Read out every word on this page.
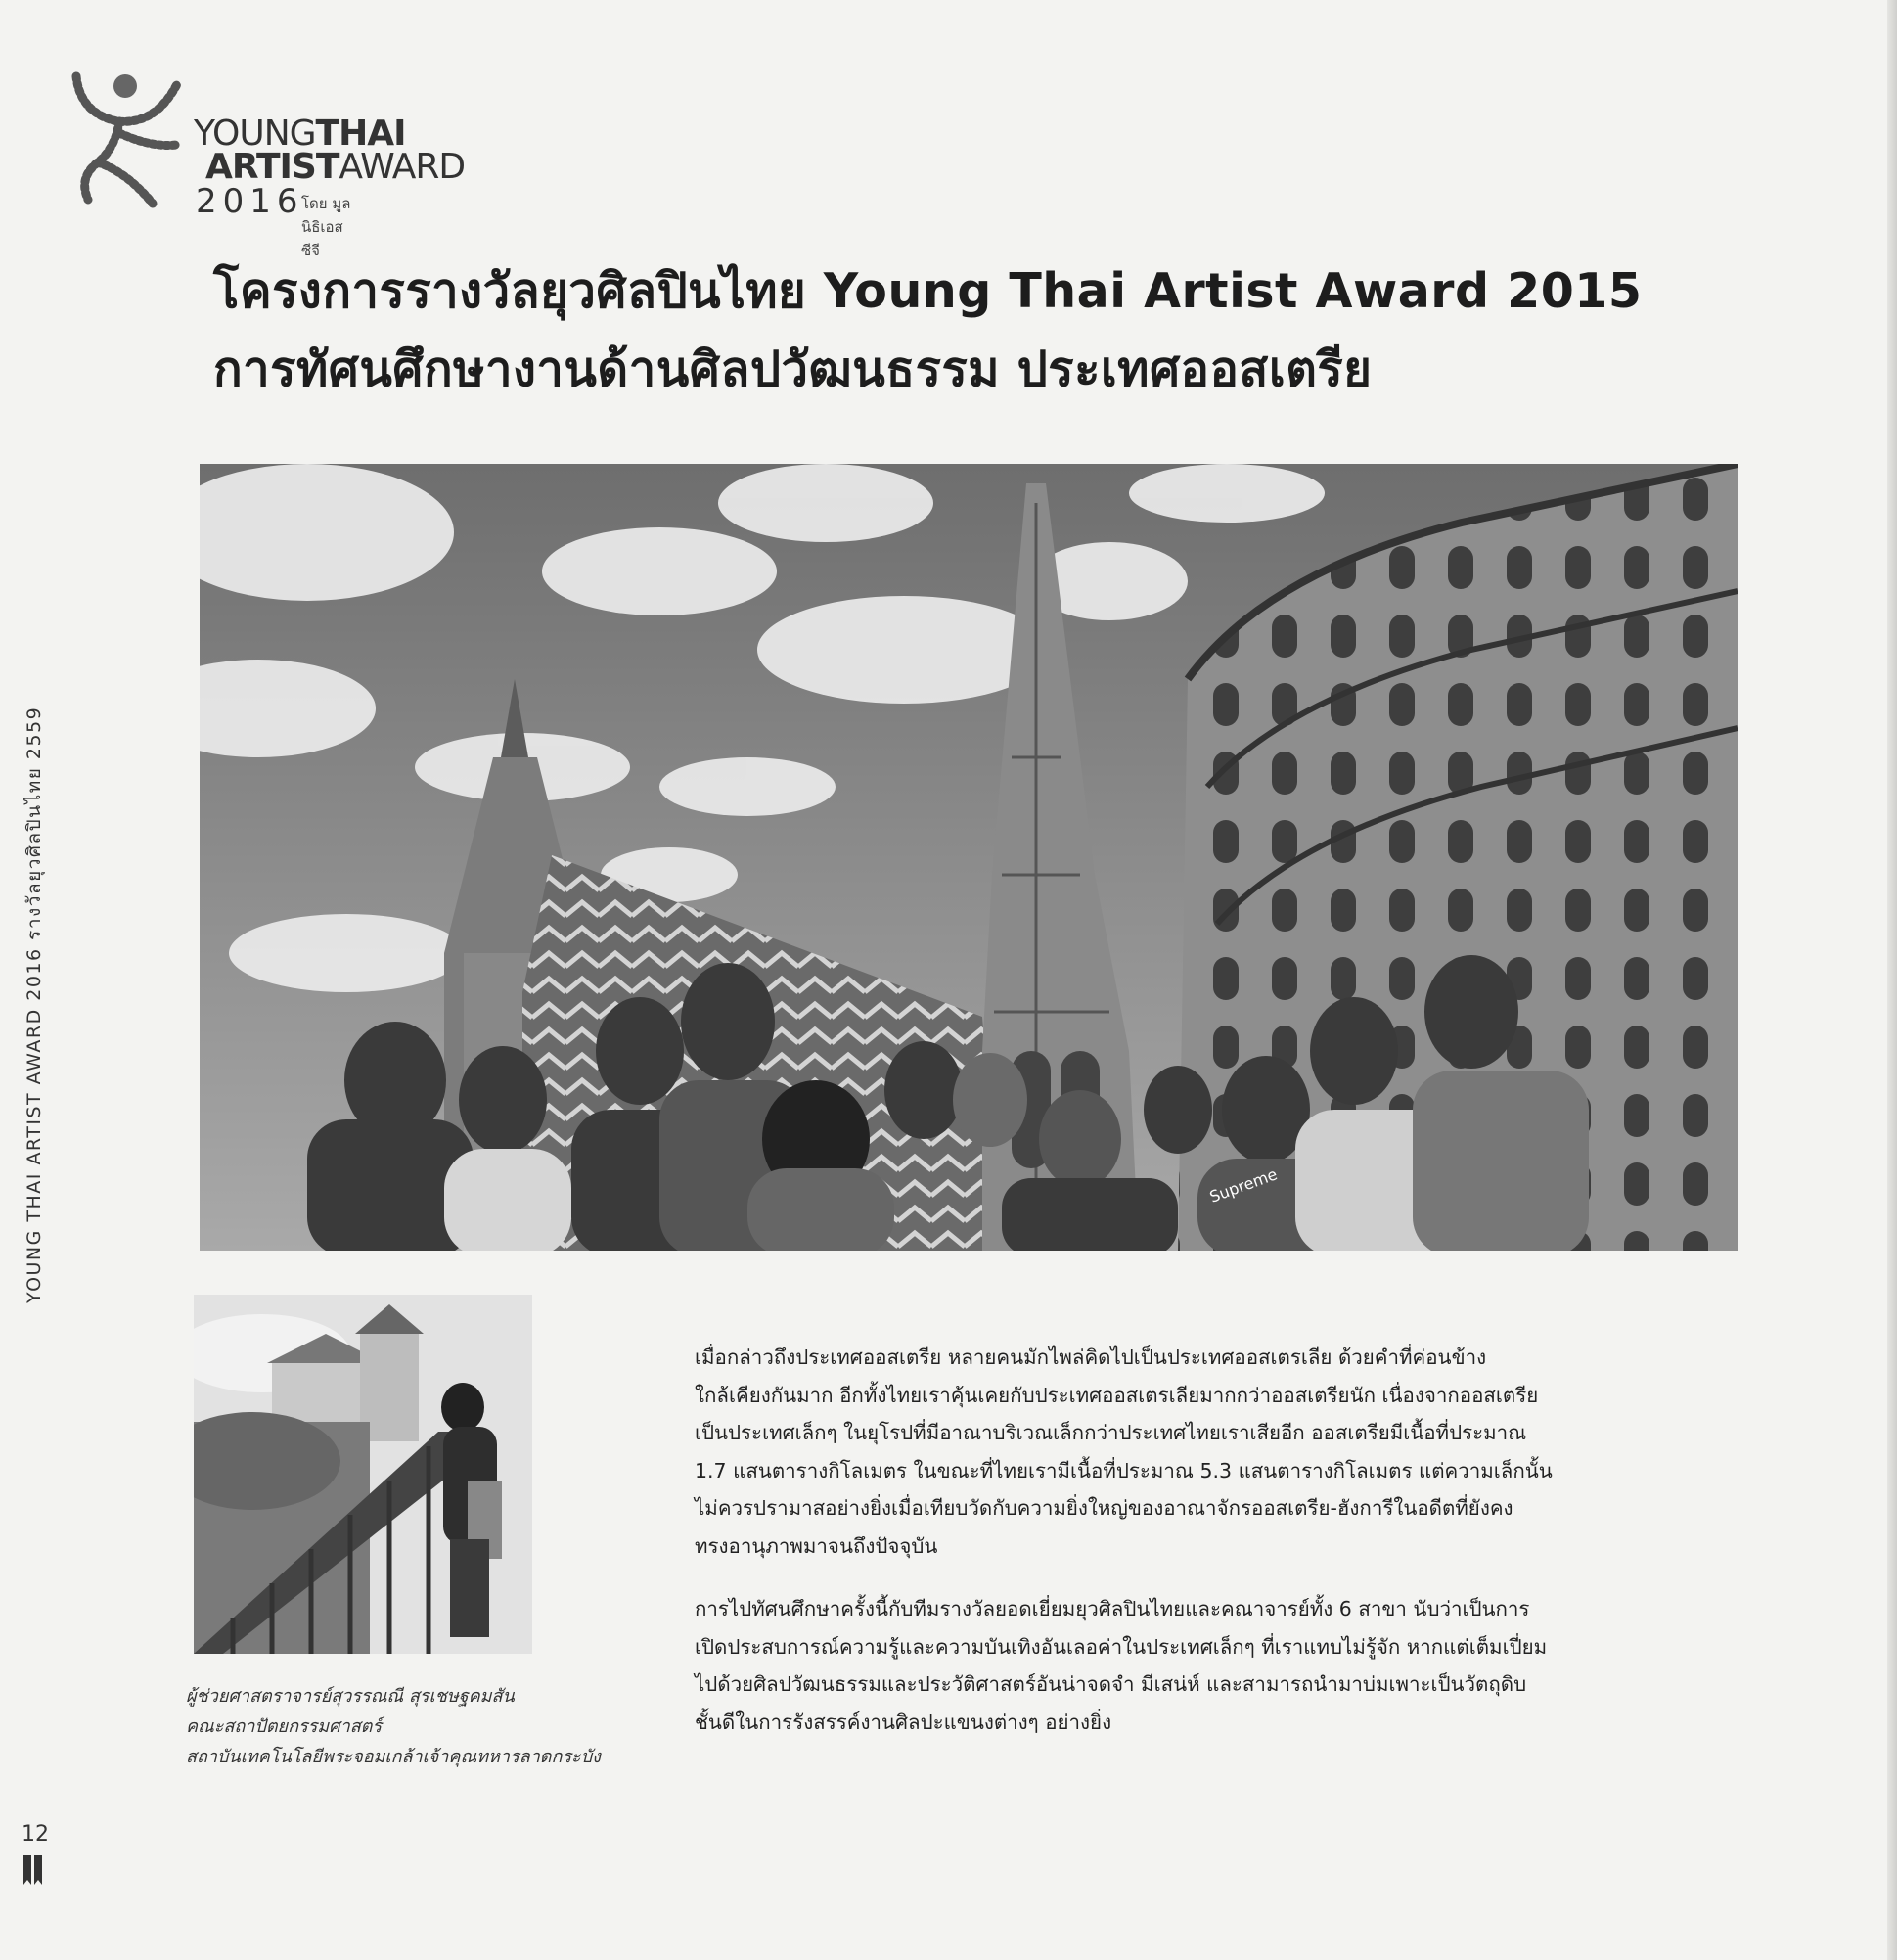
YOUNGTHAI
ARTISTAWARD
2016
โดย มูลนิธิเอสซีจี
โครงการรางวัลยุวศิลปินไทย Young Thai Artist Award 2015
การทัศนศึกษางานด้านศิลปวัฒนธรรม ประเทศออสเตรีย
Supreme
ผู้ช่วยศาสตราจารย์สุวรรณณี สุรเชษฐคมสัน
คณะสถาปัตยกรรมศาสตร์
สถาบันเทคโนโลยีพระจอมเกล้าเจ้าคุณทหารลาดกระบัง
เมื่อกล่าวถึงประเทศออสเตรีย หลายคนมักไพล่คิดไปเป็นประเทศออสเตรเลีย ด้วยคำที่ค่อนข้าง
ใกล้เคียงกันมาก อีกทั้งไทยเราคุ้นเคยกับประเทศออสเตรเลียมากกว่าออสเตรียนัก เนื่องจากออสเตรีย
เป็นประเทศเล็กๆ ในยุโรปที่มีอาณาบริเวณเล็กกว่าประเทศไทยเราเสียอีก ออสเตรียมีเนื้อที่ประมาณ
1.7 แสนตารางกิโลเมตร ในขณะที่ไทยเรามีเนื้อที่ประมาณ 5.3 แสนตารางกิโลเมตร แต่ความเล็กนั้น
ไม่ควรปรามาสอย่างยิ่งเมื่อเทียบวัดกับความยิ่งใหญ่ของอาณาจักรออสเตรีย-ฮังการีในอดีตที่ยังคง
ทรงอานุภาพมาจนถึงปัจจุบัน
การไปทัศนศึกษาครั้งนี้กับทีมรางวัลยอดเยี่ยมยุวศิลปินไทยและคณาจารย์ทั้ง 6 สาขา นับว่าเป็นการ
เปิดประสบการณ์ความรู้และความบันเทิงอันเลอค่าในประเทศเล็กๆ ที่เราแทบไม่รู้จัก หากแต่เต็มเปี่ยม
ไปด้วยศิลปวัฒนธรรมและประวัติศาสตร์อันน่าจดจำ มีเสน่ห์ และสามารถนำมาบ่มเพาะเป็นวัตถุดิบ
ชั้นดีในการรังสรรค์งานศิลปะแขนงต่างๆ อย่างยิ่ง
YOUNG THAI ARTIST AWARD 2016 รางวัลยุวศิลปินไทย 2559
12
